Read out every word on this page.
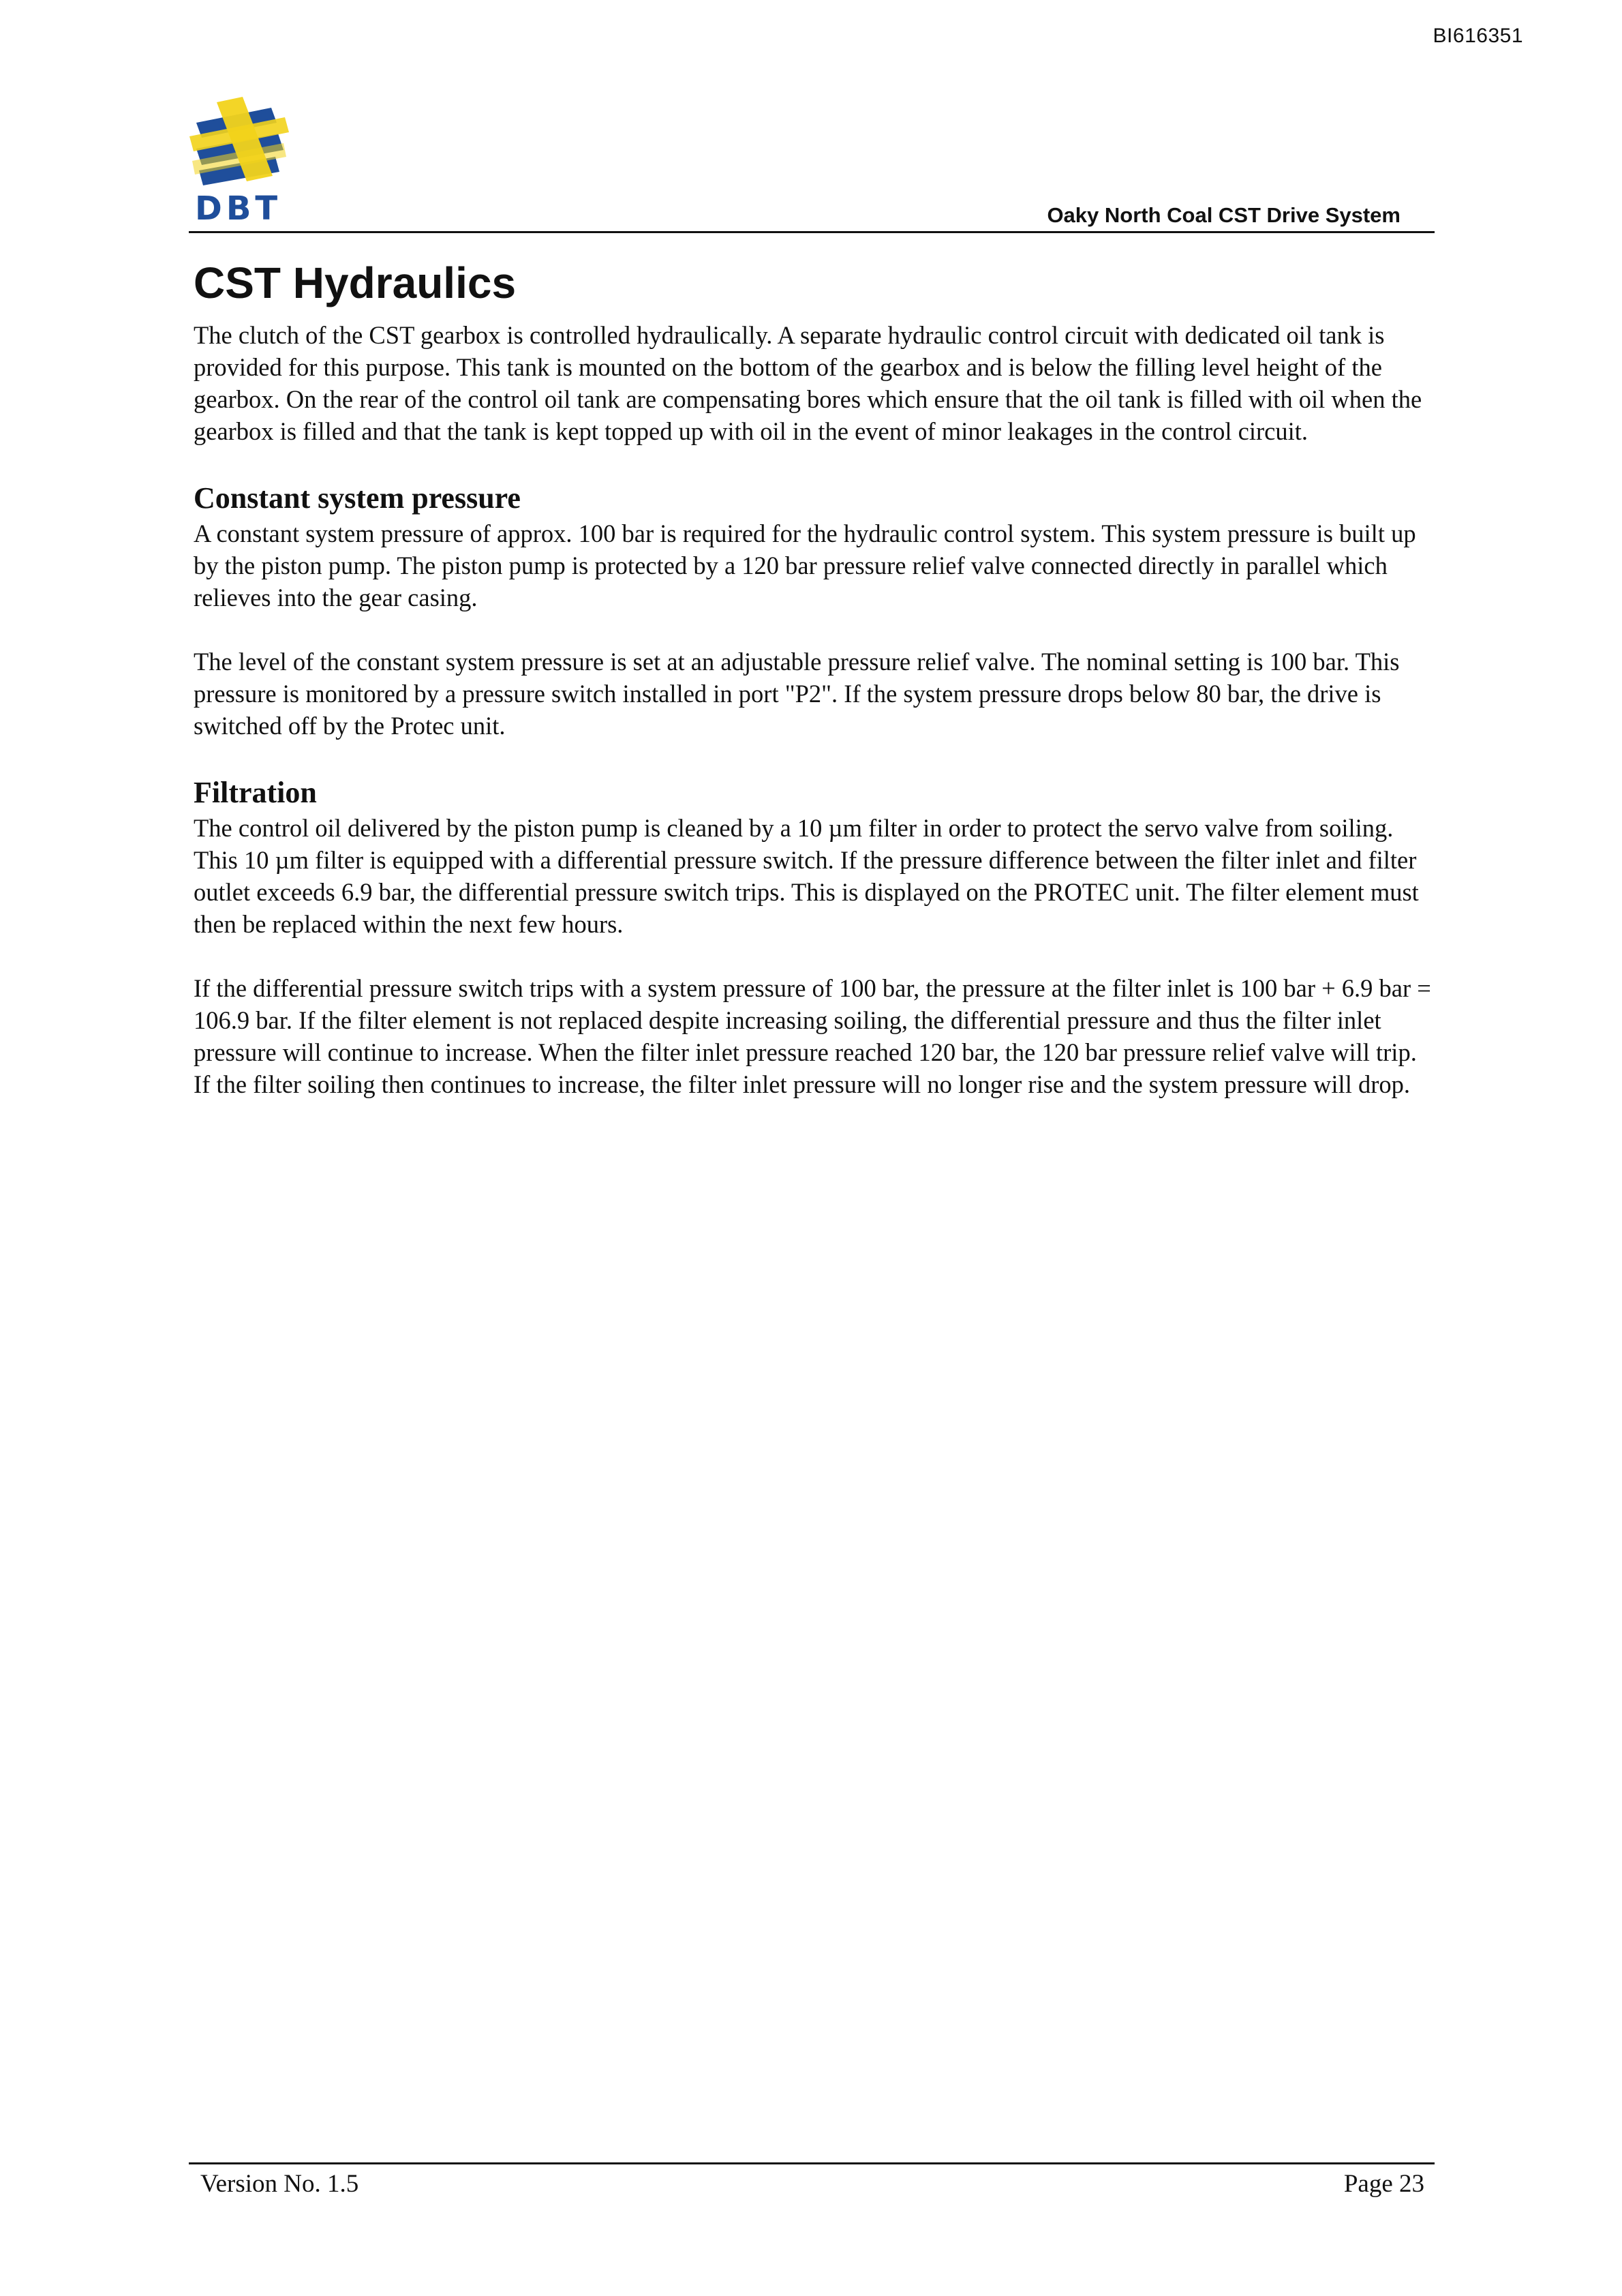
BI616351
DBT	Oaky North Coal CST Drive System
CST Hydraulics

The clutch of the CST gearbox is controlled hydraulically. A separate hydraulic control circuit with dedicated oil tank is provided for this purpose. This tank is mounted on the bottom of the gearbox and is below the filling level height of the gearbox. On the rear of the control oil tank are compensating bores which ensure that the oil tank is filled with oil when the gearbox is filled and that the tank is kept topped up with oil in the event of minor leakages in the control circuit.

Constant system pressure

A constant system pressure of approx. 100 bar is required for the hydraulic control system. This system pressure is built up by the piston pump. The piston pump is protected by a 120 bar pressure relief valve connected directly in parallel which relieves into the gear casing.

The level of the constant system pressure is set at an adjustable pressure relief valve. The nominal setting is 100 bar. This pressure is monitored by a pressure switch installed in port "P2". If the system pressure drops below 80 bar, the drive is switched off by the Protec unit.

Filtration

The control oil delivered by the piston pump is cleaned by a 10 µm filter in order to protect the servo valve from soiling. This 10 µm filter is equipped with a differential pressure switch. If the pressure difference between the filter inlet and filter outlet exceeds 6.9 bar, the differential pressure switch trips. This is displayed on the PROTEC unit. The filter element must then be replaced within the next few hours.

If the differential pressure switch trips with a system pressure of 100 bar, the pressure at the filter inlet is 100 bar + 6.9 bar = 106.9 bar. If the filter element is not replaced despite increasing soiling, the differential pressure and thus the filter inlet pressure will continue to increase. When the filter inlet pressure reached 120 bar, the 120 bar pressure relief valve will trip. If the filter soiling then continues to increase, the filter inlet pressure will no longer rise and the system pressure will drop.

Version No. 1.5	Page 23
